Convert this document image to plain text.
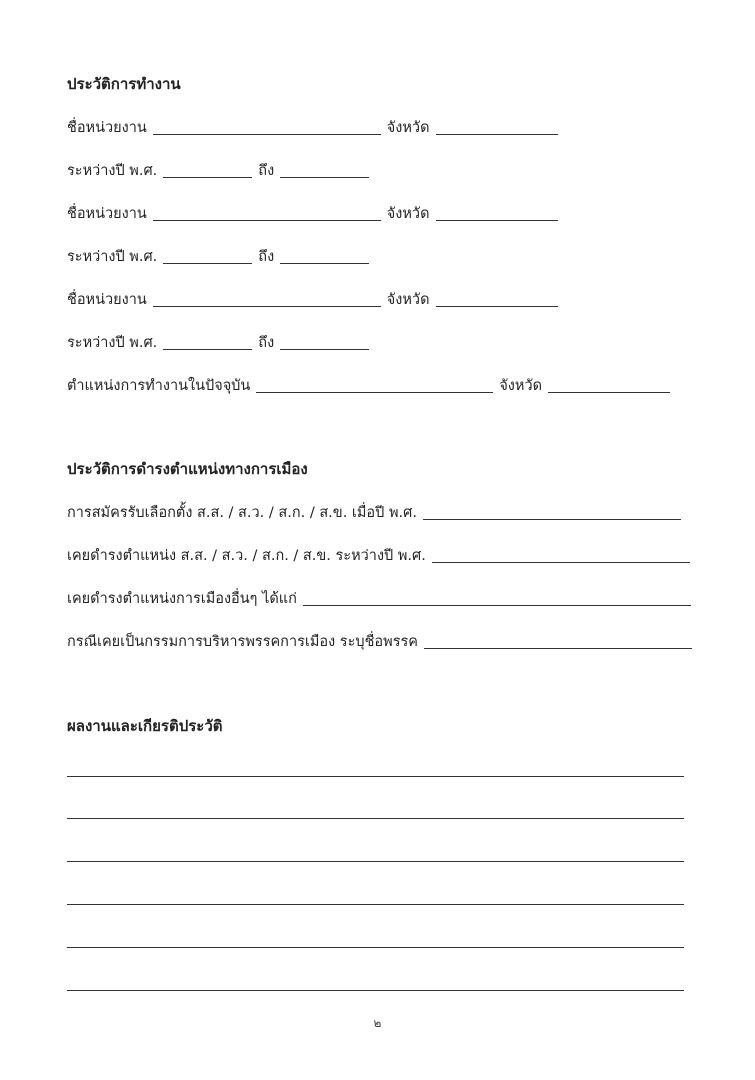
ประวัติการทำงาน
ชื่อหน่วยงาน	จังหวัด
ระหว่างปี พ.ศ.	ถึง
ชื่อหน่วยงาน	จังหวัด
ระหว่างปี พ.ศ.	ถึง
ชื่อหน่วยงาน	จังหวัด
ระหว่างปี พ.ศ.	ถึง
ตำแหน่งการทำงานในปัจจุบัน	จังหวัด
ประวัติการดำรงตำแหน่งทางการเมือง
การสมัครรับเลือกตั้ง ส.ส. / ส.ว. / ส.ก. / ส.ข. เมื่อปี พ.ศ.
เคยดำรงตำแหน่ง ส.ส. / ส.ว. / ส.ก. / ส.ข. ระหว่างปี พ.ศ.
เคยดำรงตำแหน่งการเมืองอื่นๆ ได้แก่
กรณีเคยเป็นกรรมการบริหารพรรคการเมือง ระบุชื่อพรรค
ผลงานและเกียรติประวัติ
๒
